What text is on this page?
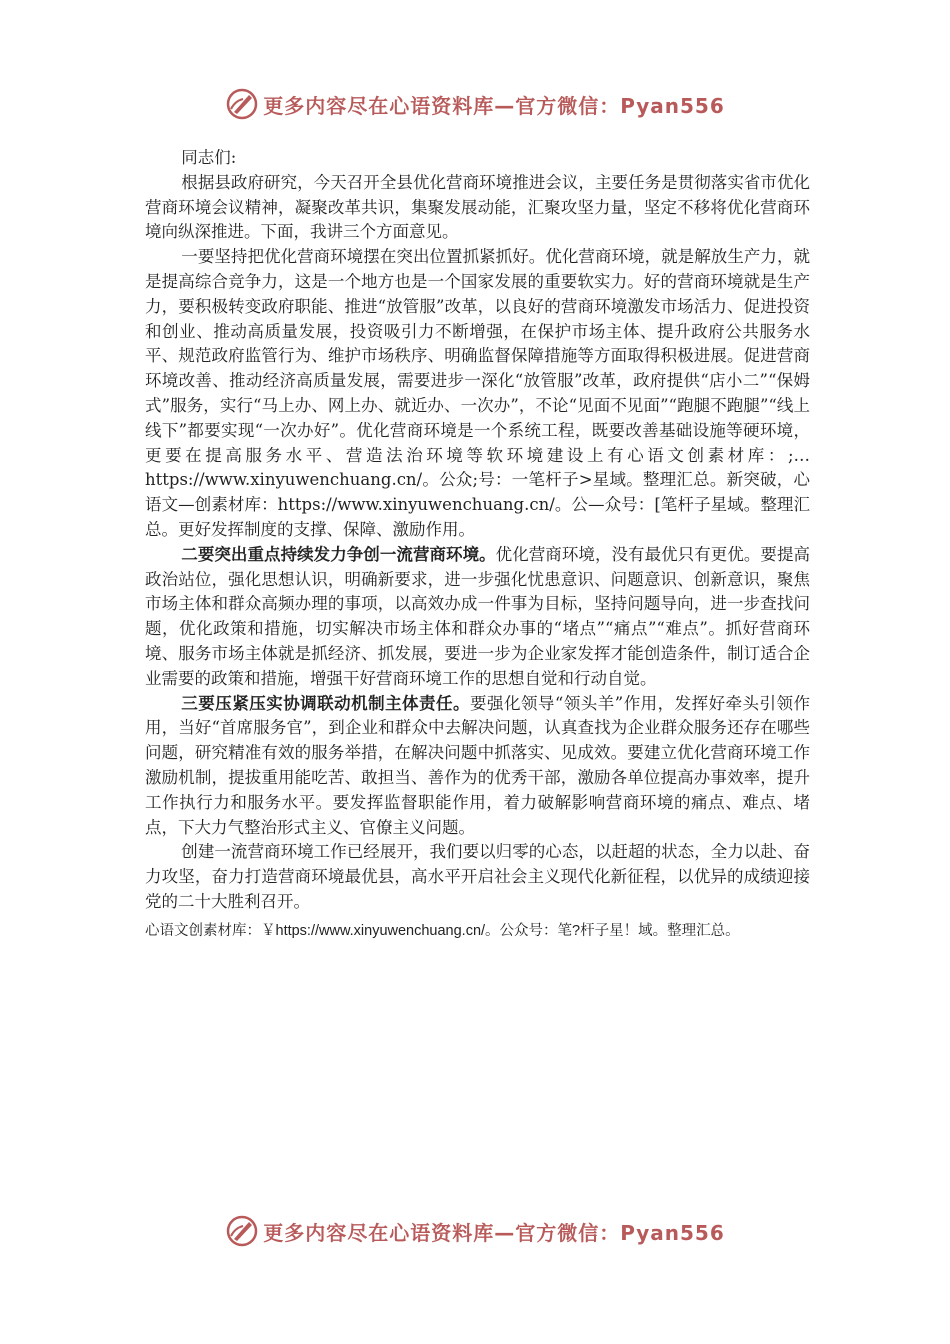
更多内容尽在心语资料库—官方微信：Pyan556

同志们:

根据县政府研究，今天召开全县优化营商环境推进会议，主要任务是贯彻落实省市优化营商环境会议精神，凝聚改革共识，集聚发展动能，汇聚攻坚力量，坚定不移将优化营商环境向纵深推进。下面，我讲三个方面意见。

一要坚持把优化营商环境摆在突出位置抓紧抓好。优化营商环境，就是解放生产力，就是提高综合竞争力，这是一个地方也是一个国家发展的重要软实力。好的营商环境就是生产力，要积极转变政府职能、推进“放管服”改革，以良好的营商环境激发市场活力、促进投资和创业、推动高质量发展，投资吸引力不断增强，在保护市场主体、提升政府公共服务水平、规范政府监管行为、维护市场秩序、明确监督保障措施等方面取得积极进展。促进营商环境改善、推动经济高质量发展，需要进步一深化“放管服”改革，政府提供“店小二”“保姆式”服务，实行“马上办、网上办、就近办、一次办”，不论“见面不见面”“跑腿不跑腿”“线上线下”都要实现“一次办好”。优化营商环境是一个系统工程，既要改善基础设施等硬环境，更要在提高服务水平、营造法治环境等软环境建设上有心语文创素材库：;…https://www.xinyuwenchuang.cn/。公众;号：一笔杆子>星域。整理汇总。新突破，心语文—创素材库：https://www.xinyuwenchuang.cn/。公—众号：[笔杆子星域。整理汇总。更好发挥制度的支撑、保障、激励作用。

二要突出重点持续发力争创一流营商环境。优化营商环境，没有最优只有更优。要提高政治站位，强化思想认识，明确新要求，进一步强化忧患意识、问题意识、创新意识，聚焦市场主体和群众高频办理的事项，以高效办成一件事为目标，坚持问题导向，进一步查找问题，优化政策和措施，切实解决市场主体和群众办事的“堵点”“痛点”“难点”。抓好营商环境、服务市场主体就是抓经济、抓发展，要进一步为企业家发挥才能创造条件，制订适合企业需要的政策和措施，增强干好营商环境工作的思想自觉和行动自觉。

三要压紧压实协调联动机制主体责任。要强化领导“领头羊”作用，发挥好牵头引领作用，当好“首席服务官”，到企业和群众中去解决问题，认真查找为企业群众服务还存在哪些问题，研究精准有效的服务举措，在解决问题中抓落实、见成效。要建立优化营商环境工作激励机制，提拔重用能吃苦、敢担当、善作为的优秀干部，激励各单位提高办事效率，提升工作执行力和服务水平。要发挥监督职能作用，着力破解影响营商环境的痛点、难点、堵点，下大力气整治形式主义、官僚主义问题。

创建一流营商环境工作已经展开，我们要以归零的心态，以赶超的状态，全力以赴、奋力攻坚，奋力打造营商环境最优县，高水平开启社会主义现代化新征程，以优异的成绩迎接党的二十大胜利召开。

心语文创素材库：￥https://www.xinyuwenchuang.cn/。公众号：笔?杆子星！域。整理汇总。

更多内容尽在心语资料库—官方微信：Pyan556
